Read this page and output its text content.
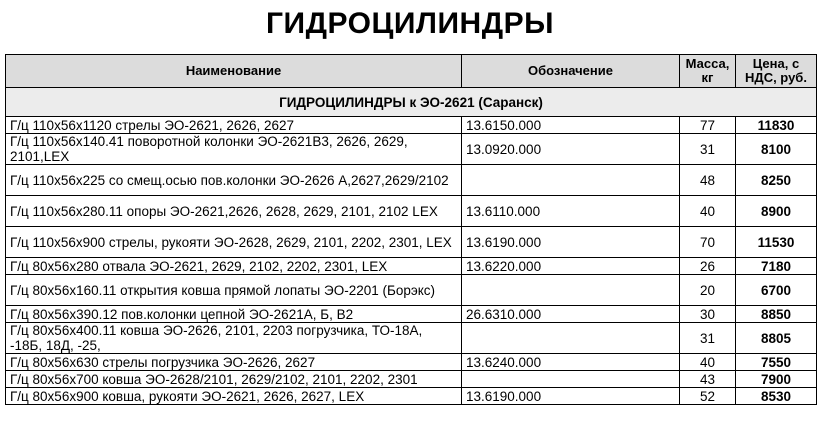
ГИДРОЦИЛИНДРЫ
Наименование	Обозначение	Масса, кг	Цена, с НДС, руб.
ГИДРОЦИЛИНДРЫ к ЭО-2621 (Саранск)			
Г/ц 110х56х1120 стрелы ЭО-2621, 2626, 2627	13.6150.000	77	11830
Г/ц 110х56х140.41 поворотной колонки ЭО-2621В3, 2626, 2629, 2101,LEX	13.0920.000	31	8100
Г/ц 110х56х225 со смещ.осью пов.колонки ЭО-2626 А,2627,2629/2102		48	8250
Г/ц 110х56х280.11 опоры ЭО-2621,2626, 2628, 2629, 2101, 2102 LEX	13.6110.000	40	8900
Г/ц 110х56х900 стрелы, рукояти ЭО-2628, 2629, 2101, 2202, 2301, LEX	13.6190.000	70	11530
Г/ц 80х56х280 отвала ЭО-2621, 2629, 2102, 2202, 2301, LEX	13.6220.000	26	7180
Г/ц 80х56х160.11 открытия ковша прямой лопаты ЭО-2201 (Борэкс)		20	6700
Г/ц 80х56х390.12 пов.колонки цепной ЭО-2621А, Б, В2	26.6310.000	30	8850
Г/ц 80х56х400.11 ковша ЭО-2626, 2101, 2203 погрузчика, ТО-18А, -18Б, 18Д, -25,		31	8805
Г/ц 80х56х630 стрелы погрузчика ЭО-2626, 2627	13.6240.000	40	7550
Г/ц 80х56х700 ковша ЭО-2628/2101, 2629/2102, 2101, 2202, 2301		43	7900
Г/ц 80х56х900 ковша, рукояти ЭО-2621, 2626, 2627, LEX	13.6190.000	52	8530
